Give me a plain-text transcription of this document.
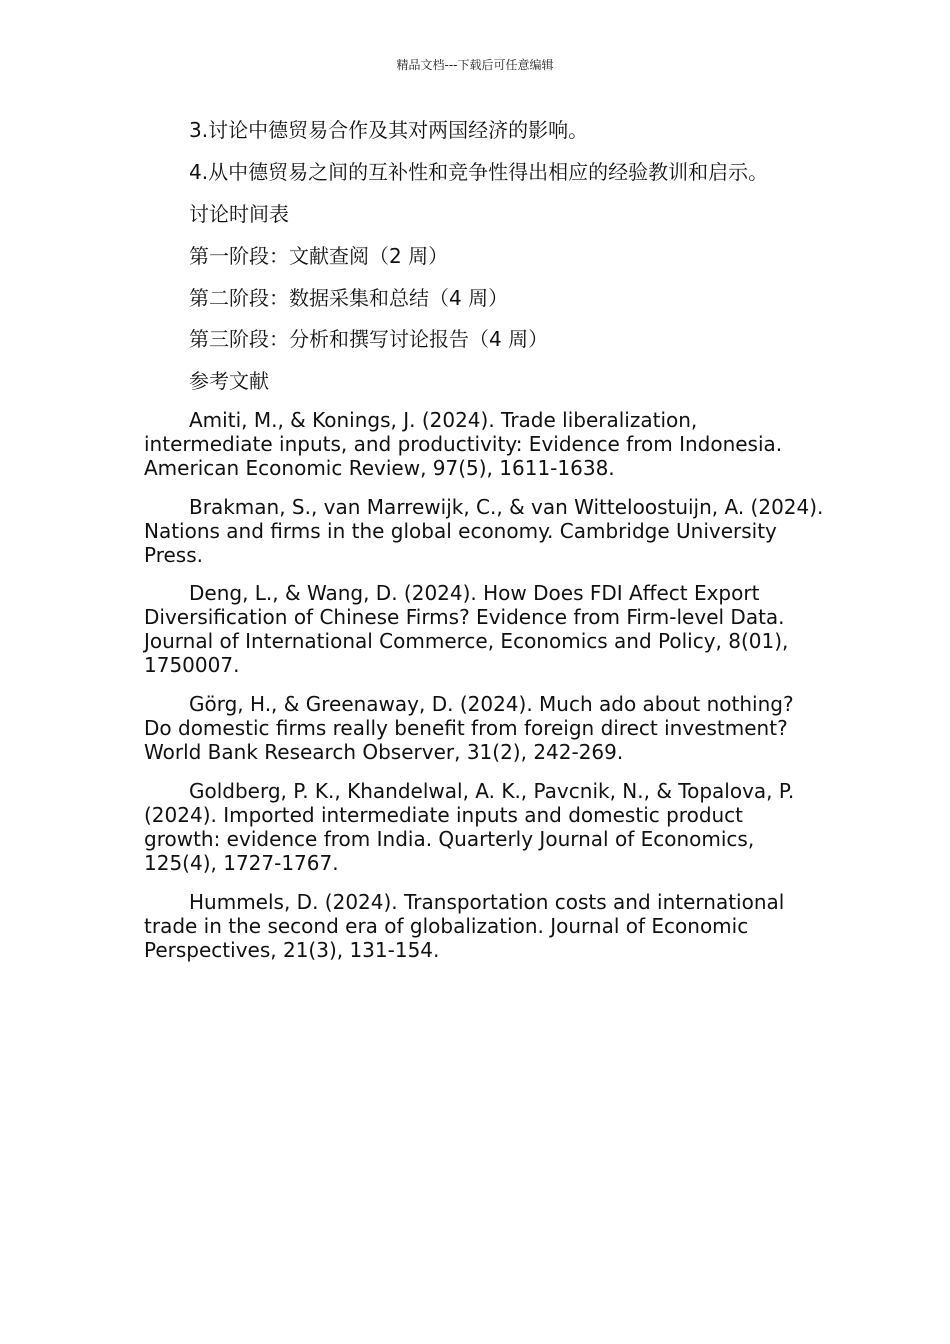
精品文档---下载后可任意编辑
3.讨论中德贸易合作及其对两国经济的影响。
4.从中德贸易之间的互补性和竞争性得出相应的经验教训和启示。
讨论时间表
第一阶段：文献查阅（2 周）
第二阶段：数据采集和总结（4 周）
第三阶段：分析和撰写讨论报告（4 周）
参考文献
Amiti, M., & Konings, J. (2024). Trade liberalization, intermediate inputs, and productivity: Evidence from Indonesia. American Economic Review, 97(5), 1611-1638.
Brakman, S., van Marrewijk, C., & van Witteloostuijn, A. (2024). Nations and firms in the global economy. Cambridge University Press.
Deng, L., & Wang, D. (2024). How Does FDI Affect Export Diversification of Chinese Firms? Evidence from Firm-level Data. Journal of International Commerce, Economics and Policy, 8(01), 1750007.
Görg, H., & Greenaway, D. (2024). Much ado about nothing? Do domestic firms really benefit from foreign direct investment? World Bank Research Observer, 31(2), 242-269.
Goldberg, P. K., Khandelwal, A. K., Pavcnik, N., & Topalova, P. (2024). Imported intermediate inputs and domestic product growth: evidence from India. Quarterly Journal of Economics, 125(4), 1727-1767.
Hummels, D. (2024). Transportation costs and international trade in the second era of globalization. Journal of Economic Perspectives, 21(3), 131-154.
